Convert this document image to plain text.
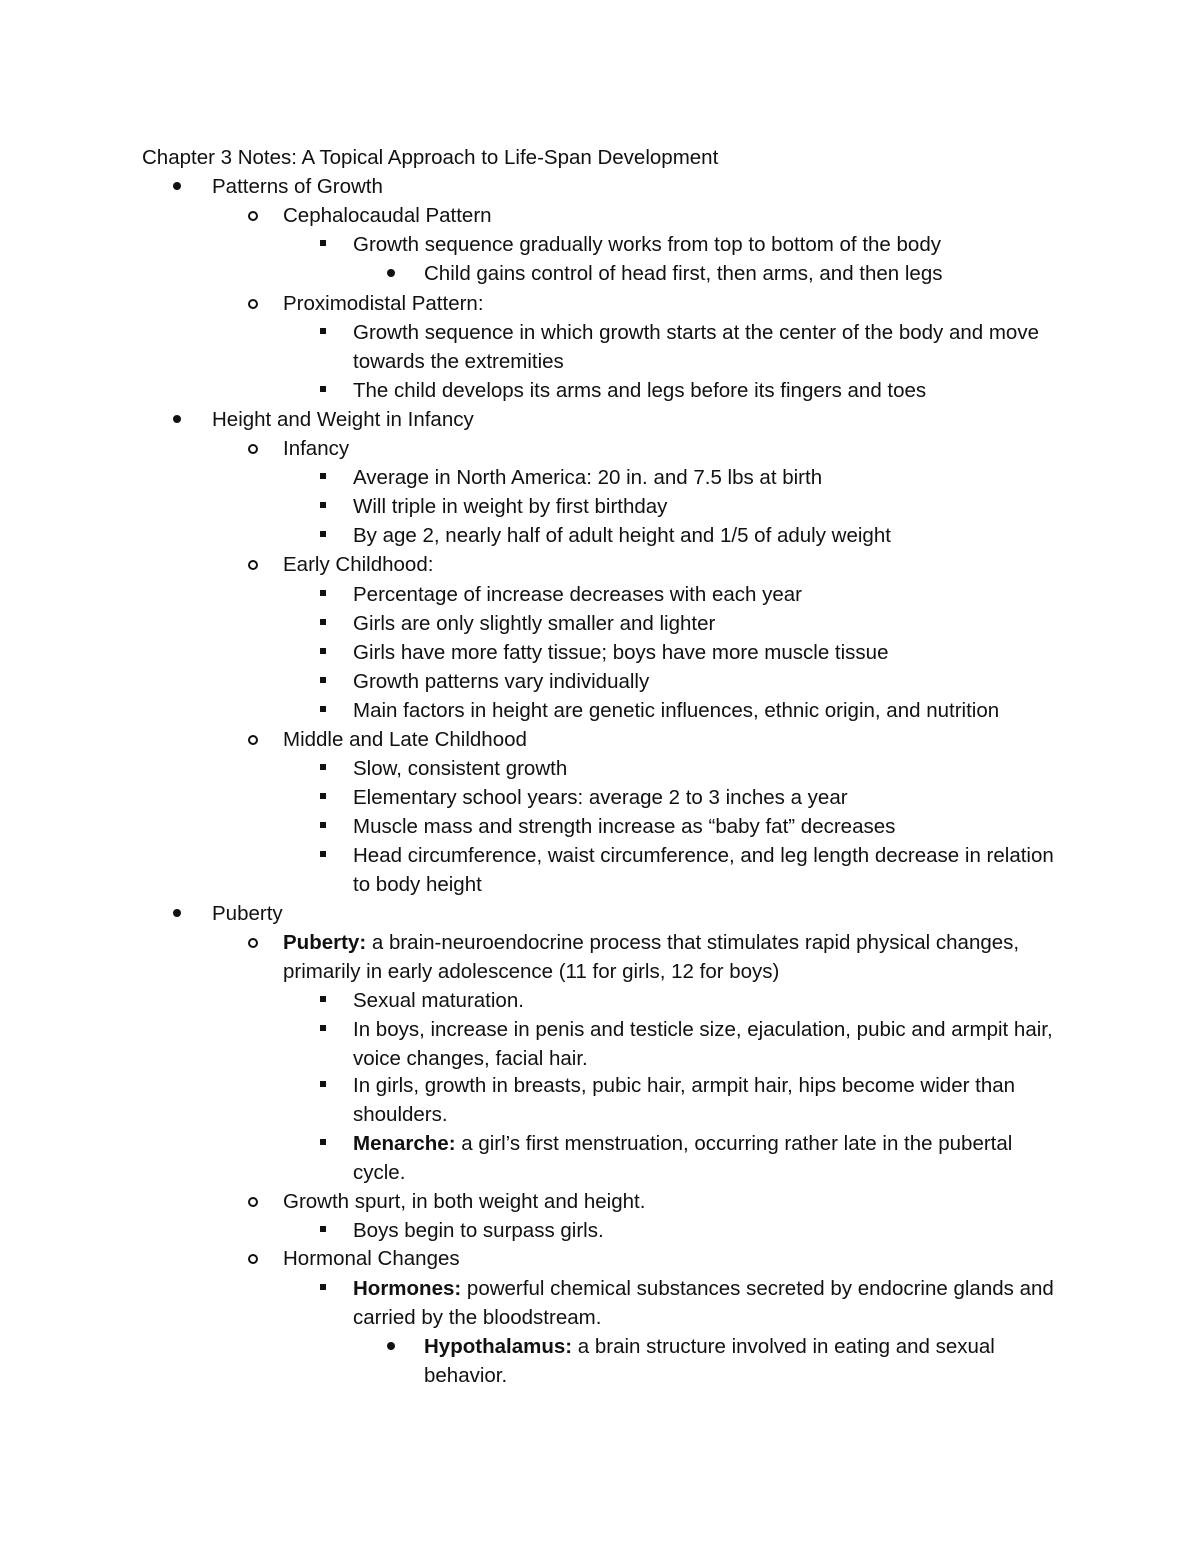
Chapter 3 Notes: A Topical Approach to Life-Span Development
Patterns of Growth
Cephalocaudal Pattern
Growth sequence gradually works from top to bottom of the body
Child gains control of head first, then arms, and then legs
Proximodistal Pattern:
Growth sequence in which growth starts at the center of the body and move towards the extremities
The child develops its arms and legs before its fingers and toes
Height and Weight in Infancy
Infancy
Average in North America: 20 in. and 7.5 lbs at birth
Will triple in weight by first birthday
By age 2, nearly half of adult height and 1/5 of aduly weight
Early Childhood:
Percentage of increase decreases with each year
Girls are only slightly smaller and lighter
Girls have more fatty tissue; boys have more muscle tissue
Growth patterns vary individually
Main factors in height are genetic influences, ethnic origin, and nutrition
Middle and Late Childhood
Slow, consistent growth
Elementary school years: average 2 to 3 inches a year
Muscle mass and strength increase as “baby fat” decreases
Head circumference, waist circumference, and leg length decrease in relation to body height
Puberty
Puberty: a brain-neuroendocrine process that stimulates rapid physical changes, primarily in early adolescence (11 for girls, 12 for boys)
Sexual maturation.
In boys, increase in penis and testicle size, ejaculation, pubic and armpit hair, voice changes, facial hair.
In girls, growth in breasts, pubic hair, armpit hair, hips become wider than shoulders.
Menarche: a girl’s first menstruation, occurring rather late in the pubertal cycle.
Growth spurt, in both weight and height.
Boys begin to surpass girls.
Hormonal Changes
Hormones: powerful chemical substances secreted by endocrine glands and carried by the bloodstream.
Hypothalamus: a brain structure involved in eating and sexual behavior.
